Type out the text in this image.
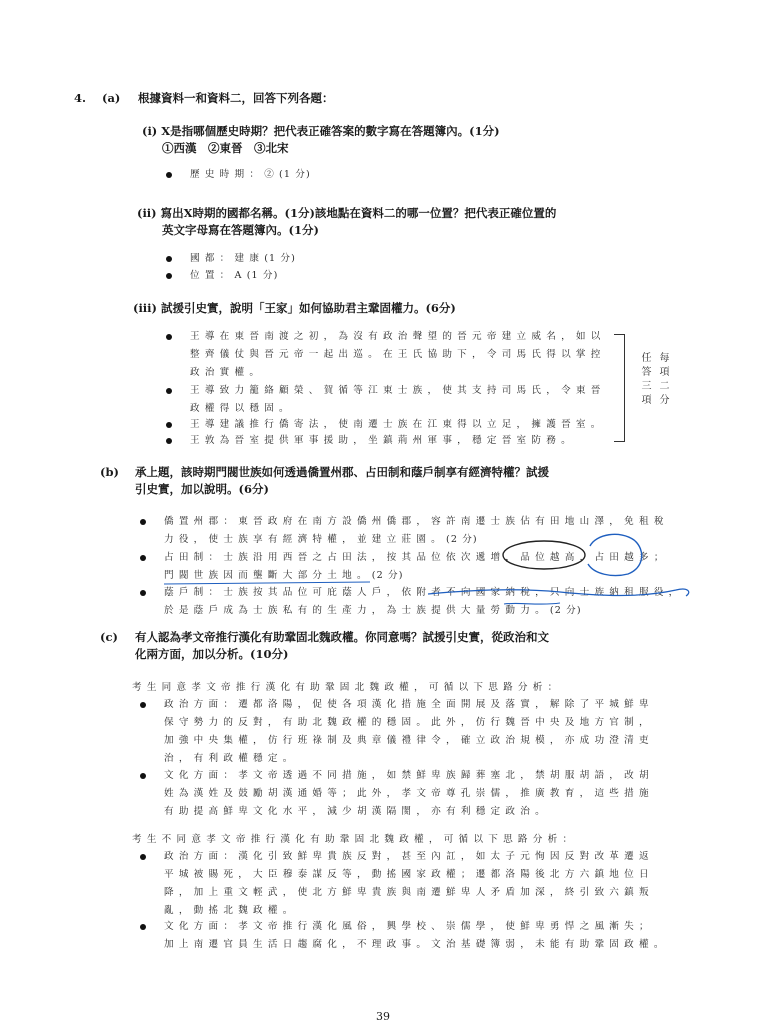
4. (a) 根據資料一和資料二，回答下列各題：
(i) X是指哪個歷史時期？把代表正確答案的數字寫在答題簿內。(1分)
①西漢　②東晉　③北宋
歷 史 時 期 ： ② (1 分)
(ii) 寫出X時期的國都名稱。(1分)該地點在資料二的哪一位置？把代表正確位置的
英文字母寫在答題簿內。(1分)
國 都 ： 建 康 (1 分)
位 置 ： A (1 分)
(iii) 試援引史實，說明「王家」如何協助君主鞏固權力。(6分)
王 導 在 東 晉 南 渡 之 初 ， 為 沒 有 政 治 聲 望 的 晉 元 帝 建 立 威 名 ， 如 以
整 齊 儀 仗 與 晉 元 帝 一 起 出 巡 。 在 王 氏 協 助 下 ， 令 司 馬 氏 得 以 掌 控
政 治 實 權 。
王 導 致 力 籠 絡 顧 榮 、 賀 循 等 江 東 士 族 ， 使 其 支 持 司 馬 氏 ， 令 東 晉
政 權 得 以 穩 固 。
王 導 建 議 推 行 僑 寄 法 ， 使 南 遷 士 族 在 江 東 得 以 立 足 ， 擁 護 晉 室 。
王 敦 為 晉 室 提 供 軍 事 援 助 ， 坐 鎮 荊 州 軍 事 ， 穩 定 晉 室 防 務 。
每項二分
任答三項
(b) 承上題，該時期門閥世族如何透過僑置州郡、占田制和蔭戶制享有經濟特權？試援
引史實，加以說明。(6分)
僑 置 州 郡 ： 東 晉 政 府 在 南 方 設 僑 州 僑 郡 ， 容 許 南 遷 士 族 佔 有 田 地 山 澤 ， 免 租 稅
力 役 ， 使 士 族 享 有 經 濟 特 權 ， 並 建 立 莊 園 。 (2 分)
占 田 制 ： 士 族 沿 用 西 晉 之 占 田 法 ， 按 其 品 位 依 次 遞 增 ， 品 位 越 高 ， 占 田 越 多 ；
門 閥 世 族 因 而 壟 斷 大 部 分 土 地 。 (2 分)
蔭 戶 制 ： 士 族 按 其 品 位 可 庇 蔭 人 戶 ， 依 附 者 不 向 國 家 納 稅 ， 只 向 士 族 納 租 服 役 ，
於 是 蔭 戶 成 為 士 族 私 有 的 生 產 力 ， 為 士 族 提 供 大 量 勞 動 力 。 (2 分)
(c) 有人認為孝文帝推行漢化有助鞏固北魏政權。你同意嗎？試援引史實，從政治和文
化兩方面，加以分析。(10分)
考 生 同 意 孝 文 帝 推 行 漢 化 有 助 鞏 固 北 魏 政 權 ， 可 循 以 下 思 路 分 析 ：
政 治 方 面 ： 遷 都 洛 陽 ， 促 使 各 項 漢 化 措 施 全 面 開 展 及 落 實 ， 解 除 了 平 城 鮮 卑
保 守 勢 力 的 反 對 ， 有 助 北 魏 政 權 的 穩 固 。 此 外 ， 仿 行 魏 晉 中 央 及 地 方 官 制 ，
加 強 中 央 集 權 ， 仿 行 班 祿 制 及 典 章 儀 禮 律 令 ， 確 立 政 治 規 模 ， 亦 成 功 澄 清 吏
治 ， 有 利 政 權 穩 定 。
文 化 方 面 ： 孝 文 帝 透 過 不 同 措 施 ， 如 禁 鮮 卑 族 歸 葬 塞 北 ， 禁 胡 服 胡 語 ， 改 胡
姓 為 漢 姓 及 鼓 勵 胡 漢 通 婚 等 ； 此 外 ， 孝 文 帝 尊 孔 崇 儒 ， 推 廣 教 育 ， 這 些 措 施
有 助 提 高 鮮 卑 文 化 水 平 ， 減 少 胡 漢 隔 閡 ， 亦 有 利 穩 定 政 治 。
考 生 不 同 意 孝 文 帝 推 行 漢 化 有 助 鞏 固 北 魏 政 權 ， 可 循 以 下 思 路 分 析 ：
政 治 方 面 ： 漢 化 引 致 鮮 卑 貴 族 反 對 ， 甚 至 內 訌 ， 如 太 子 元 恂 因 反 對 改 革 遷 返
平 城 被 賜 死 ， 大 臣 穆 泰 謀 反 等 ， 動 搖 國 家 政 權 ； 遷 都 洛 陽 後 北 方 六 鎮 地 位 日
降 ， 加 上 重 文 輕 武 ， 使 北 方 鮮 卑 貴 族 與 南 遷 鮮 卑 人 矛 盾 加 深 ， 終 引 致 六 鎮 叛
亂 ， 動 搖 北 魏 政 權 。
文 化 方 面 ： 孝 文 帝 推 行 漢 化 風 俗 ， 興 學 校 、 崇 儒 學 ， 使 鮮 卑 勇 悍 之 風 漸 失 ；
加 上 南 遷 官 員 生 活 日 趨 腐 化 ， 不 理 政 事 。 文 治 基 礎 簿 弱 ， 未 能 有 助 鞏 固 政 權 。
39
